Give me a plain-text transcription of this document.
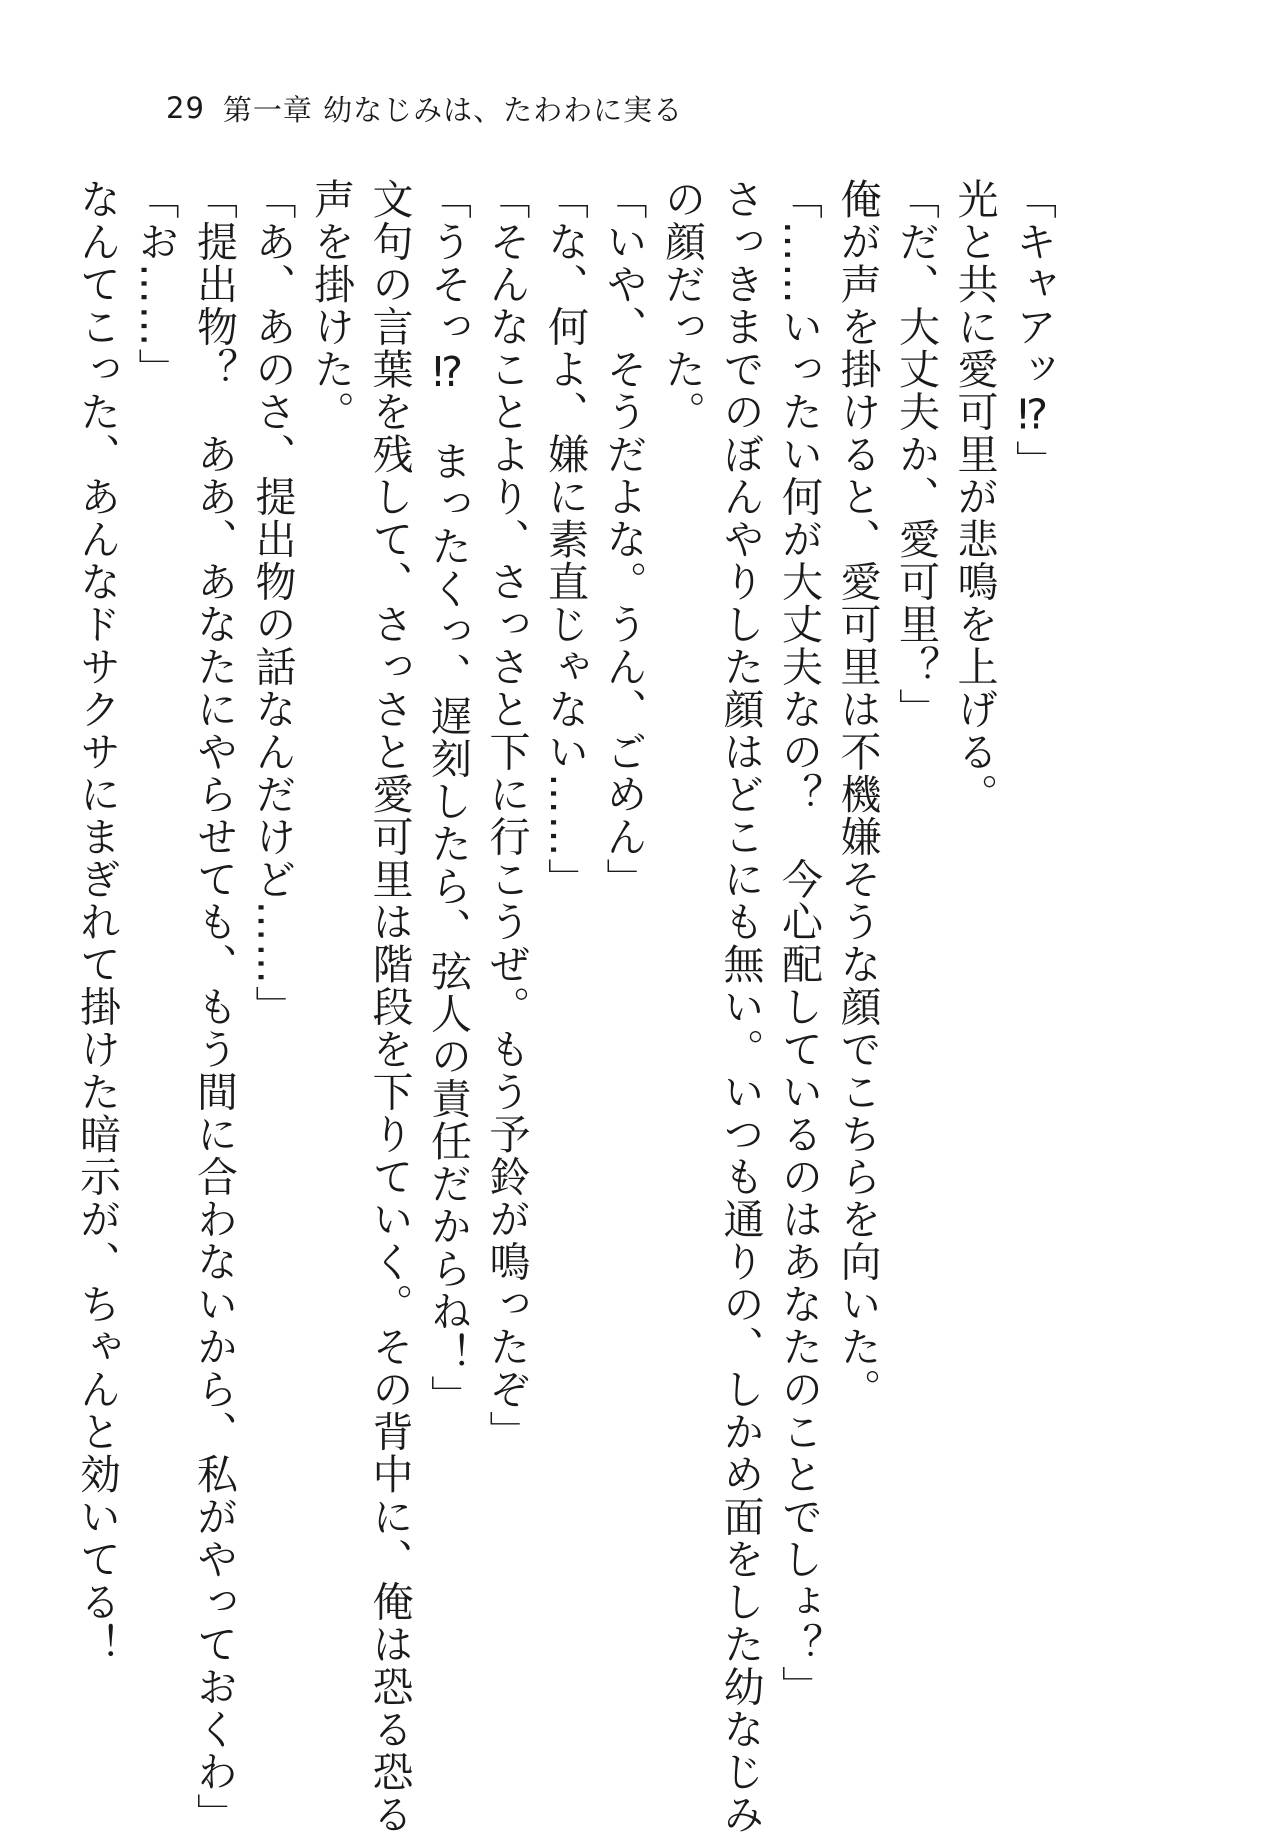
29 第一章 幼なじみは、たわわに実る
「キャアッ⁉」
光と共に愛可里が悲鳴を上げる。
「だ、大丈夫か、愛可里？」
俺が声を掛けると、愛可里は不機嫌そうな顔でこちらを向いた。
「……いったい何が大丈夫なの？　今心配しているのはあなたのことでしょ？」
さっきまでのぼんやりした顔はどこにも無い。いつも通りの、しかめ面をした幼なじみ
の顔だった。
「いや、そうだよな。うん、ごめん」
「な、何よ、嫌に素直じゃない……」
「そんなことより、さっさと下に行こうぜ。もう予鈴が鳴ったぞ」
「うそっ⁉　まったくっ、遅刻したら、弦人の責任だからね！」
文句の言葉を残して、さっさと愛可里は階段を下りていく。その背中に、俺は恐る恐る
声を掛けた。
「あ、あのさ、提出物の話なんだけど……」
「提出物？　ああ、あなたにやらせても、もう間に合わないから、私がやっておくわ」
「お……」
なんてこった、あんなドサクサにまぎれて掛けた暗示が、ちゃんと効いてる！
